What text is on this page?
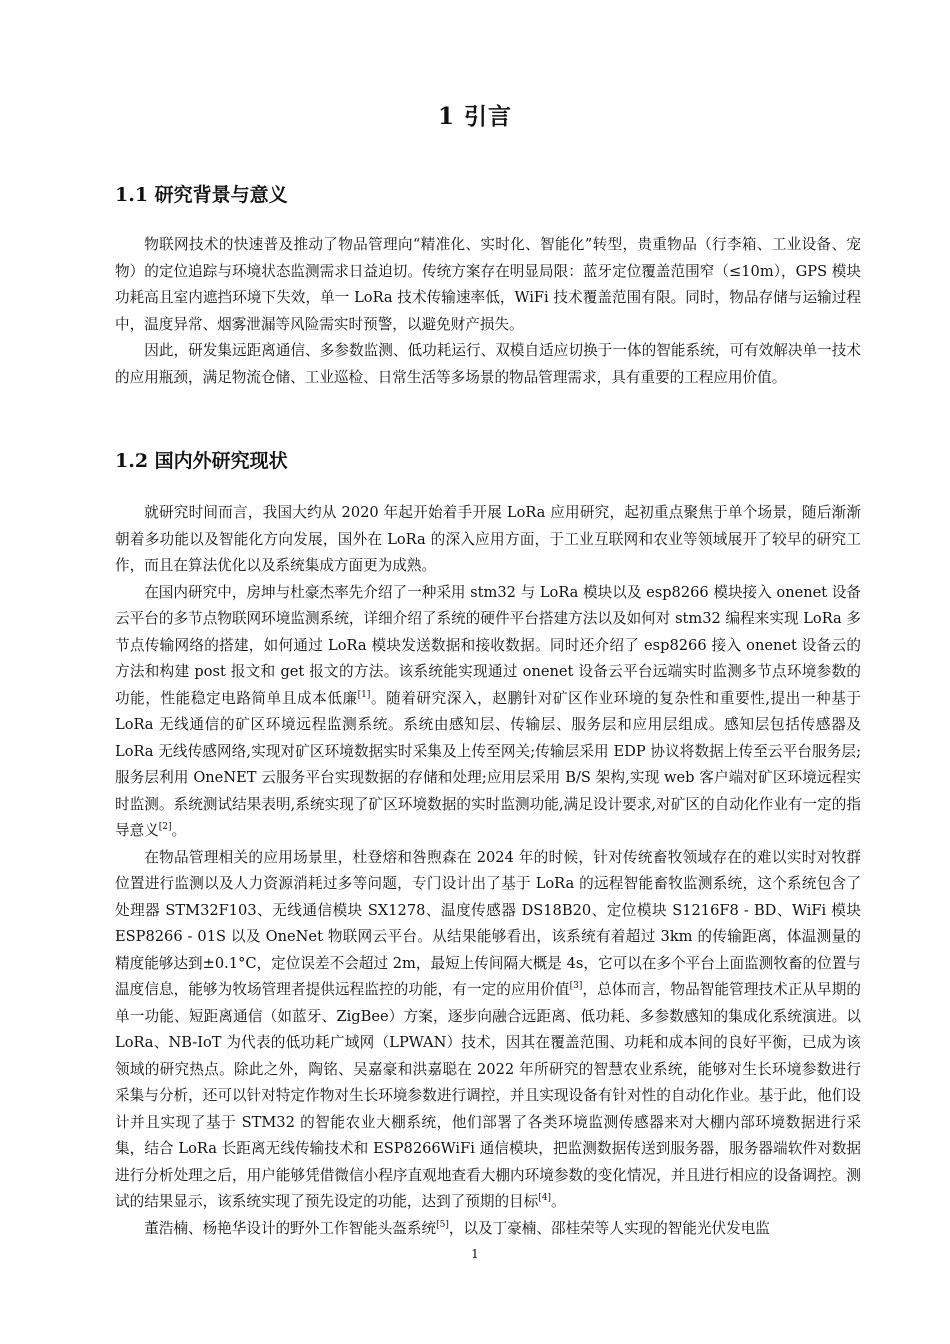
1 引言
1.1 研究背景与意义

物联网技术的快速普及推动了物品管理向“精准化、实时化、智能化”转型，贵重物品（行李箱、工业设备、宠物）的定位追踪与环境状态监测需求日益迫切。传统方案存在明显局限：蓝牙定位覆盖范围窄（≤10m），GPS 模块功耗高且室内遮挡环境下失效，单一 LoRa 技术传输速率低，WiFi 技术覆盖范围有限。同时，物品存储与运输过程中，温度异常、烟雾泄漏等风险需实时预警，以避免财产损失。

因此，研发集远距离通信、多参数监测、低功耗运行、双模自适应切换于一体的智能系统，可有效解决单一技术的应用瓶颈，满足物流仓储、工业巡检、日常生活等多场景的物品管理需求，具有重要的工程应用价值。

1.2 国内外研究现状

就研究时间而言，我国大约从 2020 年起开始着手开展 LoRa 应用研究，起初重点聚焦于单个场景，随后渐渐朝着多功能以及智能化方向发展，国外在 LoRa 的深入应用方面，于工业互联网和农业等领域展开了较早的研究工作，而且在算法优化以及系统集成方面更为成熟。

在国内研究中，房坤与杜豪杰率先介绍了一种采用 stm32 与 LoRa 模块以及 esp8266 模块接入 onenet 设备云平台的多节点物联网环境监测系统，详细介绍了系统的硬件平台搭建方法以及如何对 stm32 编程来实现 LoRa 多节点传输网络的搭建，如何通过 LoRa 模块发送数据和接收数据。同时还介绍了 esp8266 接入 onenet 设备云的方法和构建 post 报文和 get 报文的方法。该系统能实现通过 onenet 设备云平台远端实时监测多节点环境参数的功能，性能稳定电路简单且成本低廉[1]。随着研究深入，赵鹏针对矿区作业环境的复杂性和重要性,提出一种基于 LoRa 无线通信的矿区环境远程监测系统。系统由感知层、传输层、服务层和应用层组成。感知层包括传感器及 LoRa 无线传感网络,实现对矿区环境数据实时采集及上传至网关;传输层采用 EDP 协议将数据上传至云平台服务层;服务层利用 OneNET 云服务平台实现数据的存储和处理;应用层采用 B/S 架构,实现 web 客户端对矿区环境远程实时监测。系统测试结果表明,系统实现了矿区环境数据的实时监测功能,满足设计要求,对矿区的自动化作业有一定的指导意义[2]。

在物品管理相关的应用场景里，杜登熔和咎煦森在 2024 年的时候，针对传统畜牧领域存在的难以实时对牧群位置进行监测以及人力资源消耗过多等问题，专门设计出了基于 LoRa 的远程智能畜牧监测系统，这个系统包含了处理器 STM32F103、无线通信模块 SX1278、温度传感器 DS18B20、定位模块 S1216F8 - BD、WiFi 模块 ESP8266 - 01S 以及 OneNet 物联网云平台。从结果能够看出，该系统有着超过 3km 的传输距离，体温测量的精度能够达到±0.1°C，定位误差不会超过 2m，最短上传间隔大概是 4s，它可以在多个平台上面监测牧畜的位置与温度信息，能够为牧场管理者提供远程监控的功能，有一定的应用价值[3]，总体而言，物品智能管理技术正从早期的单一功能、短距离通信（如蓝牙、ZigBee）方案，逐步向融合远距离、低功耗、多参数感知的集成化系统演进。以 LoRa、NB-IoT 为代表的低功耗广域网（LPWAN）技术，因其在覆盖范围、功耗和成本间的良好平衡，已成为该领域的研究热点。除此之外，陶铭、吴嘉豪和洪嘉聪在 2022 年所研究的智慧农业系统，能够对生长环境参数进行采集与分析，还可以针对特定作物对生长环境参数进行调控，并且实现设备有针对性的自动化作业。基于此，他们设计并且实现了基于 STM32 的智能农业大棚系统，他们部署了各类环境监测传感器来对大棚内部环境数据进行采集，结合 LoRa 长距离无线传输技术和 ESP8266WiFi 通信模块，把监测数据传送到服务器，服务器端软件对数据进行分析处理之后，用户能够凭借微信小程序直观地查看大棚内环境参数的变化情况，并且进行相应的设备调控。测试的结果显示，该系统实现了预先设定的功能，达到了预期的目标[4]。

董浩楠、杨艳华设计的野外工作智能头盔系统[5]，以及丁豪楠、邵桂荣等人实现的智能光伏发电监

1
